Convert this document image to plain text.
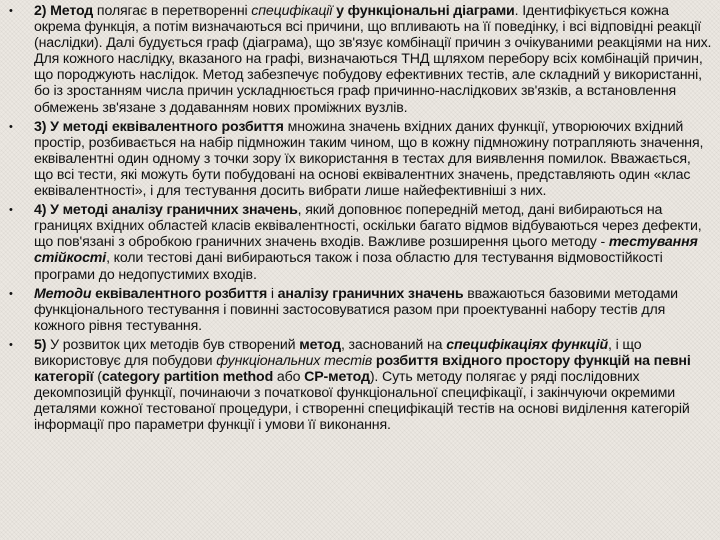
•	2) Метод полягає в перетворенні специфікації у функціональні діаграми. Ідентифікується кожна окрема функція, а потім визначаються всі причини, що впливають на її поведінку, і всі відповідні реакції (наслідки). Далі будується граф (діаграма), що зв'язує комбінації причин з очікуваними реакціями на них. Для кожного наслідку, вказаного на графі, визначаються ТНД щляхом перебору всіх комбінацій причин, що породжують наслідок. Метод забезпечує побудову ефективних тестів, але складний у використанні, бо із зростанням числа причин ускладнюється граф причинно-наслідкових зв'язків, а встановлення обмежень зв'язане з додаванням нових проміжних вузлів.
•	3) У методі еквівалентного розбиття множина значень вхідних даних функції, утворюючих вхідний простір, розбивається на набір підмножин таким чином, що в кожну підмножину потрапляють значення, еквівалентні один одному з точки зору їх використання в тестах для виявлення помилок. Вважається, що всі тести, які можуть бути побудовані на основі еквівалентних значень, представляють один «клас еквівалентності», і для тестування досить вибрати лише найефективніші з них.
•	4) У методі аналізу граничних значень, який доповнює попередній метод, дані вибираються на границях вхідних областей класів еквівалентності, оскільки багато відмов відбуваються через дефекти, що пов'язані з обробкою граничних значень входів. Важливе розширення цього методу - тестування стійкості, коли тестові дані вибираються також і поза областю для тестування відмовостійкості програми до недопустимих входів.
•	Методи еквівалентного розбиття і аналізу граничних значень вважаються базовими методами функціонального тестування і повинні застосовуватися разом при проектуванні набору тестів для кожного рівня тестування.
•	5) У розвиток цих методів був створений метод, заснований на специфікаціях функцій, і що використовує для побудови функціональних тестів розбиття вхідного простору функцій на певні категорії (category partition method або СР-метод). Суть методу полягає у ряді послідовних декомпозицій функції, починаючи з початкової функціональної специфікації, і закінчуючи окремими деталями кожної тестованої процедури, і створенні специфікацій тестів на основі виділення категорій інформації про параметри функції і умови її виконання.
